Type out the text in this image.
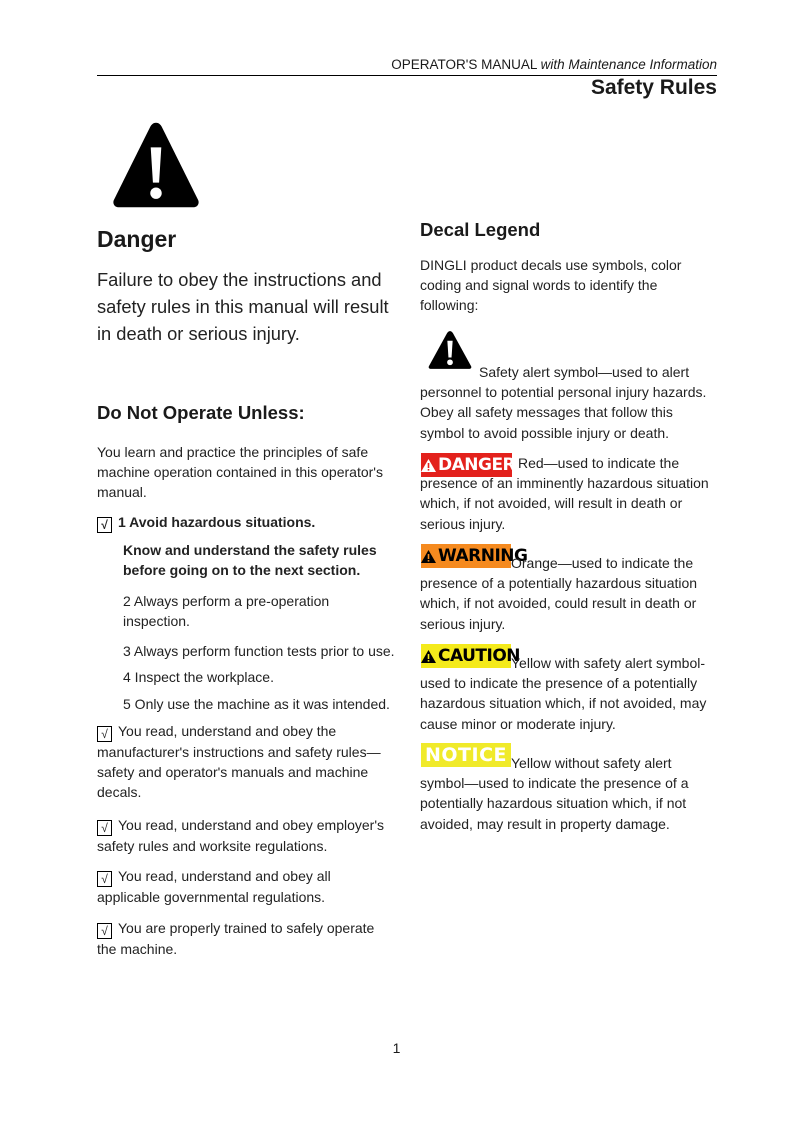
OPERATOR'S MANUAL with Maintenance Information
Safety Rules
Danger
Failure to obey the instructions and safety rules in this manual will result in death or serious injury.
Do Not Operate Unless:
You learn and practice the principles of safe machine operation contained in this operator's manual.
√ 1 Avoid hazardous situations.
Know and understand the safety rules before going on to the next section.
2 Always perform a pre-operation inspection.
3 Always perform function tests prior to use.
4 Inspect the workplace.
5 Only use the machine as it was intended.
√ You read, understand and obey the manufacturer's instructions and safety rules—safety and operator's manuals and machine decals.
√ You read, understand and obey employer's safety rules and worksite regulations.
√ You read, understand and obey all applicable governmental regulations.
√ You are properly trained to safely operate the machine.
Decal Legend
DINGLI product decals use symbols, color coding and signal words to identify the following:
Safety alert symbol—used to alert personnel to potential personal injury hazards. Obey all safety messages that follow this symbol to avoid possible injury or death.
DANGER Red—used to indicate the presence of an imminently hazardous situation which, if not avoided, will result in death or serious injury.
WARNING
Orange—used to indicate the presence of a potentially hazardous situation which, if not avoided, could result in death or serious injury.
CAUTION
Yellow with safety alert symbol-used to indicate the presence of a potentially hazardous situation which, if not avoided, may cause minor or moderate injury.
NOTICE Yellow without safety alert symbol—used to indicate the presence of a potentially hazardous situation which, if not avoided, may result in property damage.
1
